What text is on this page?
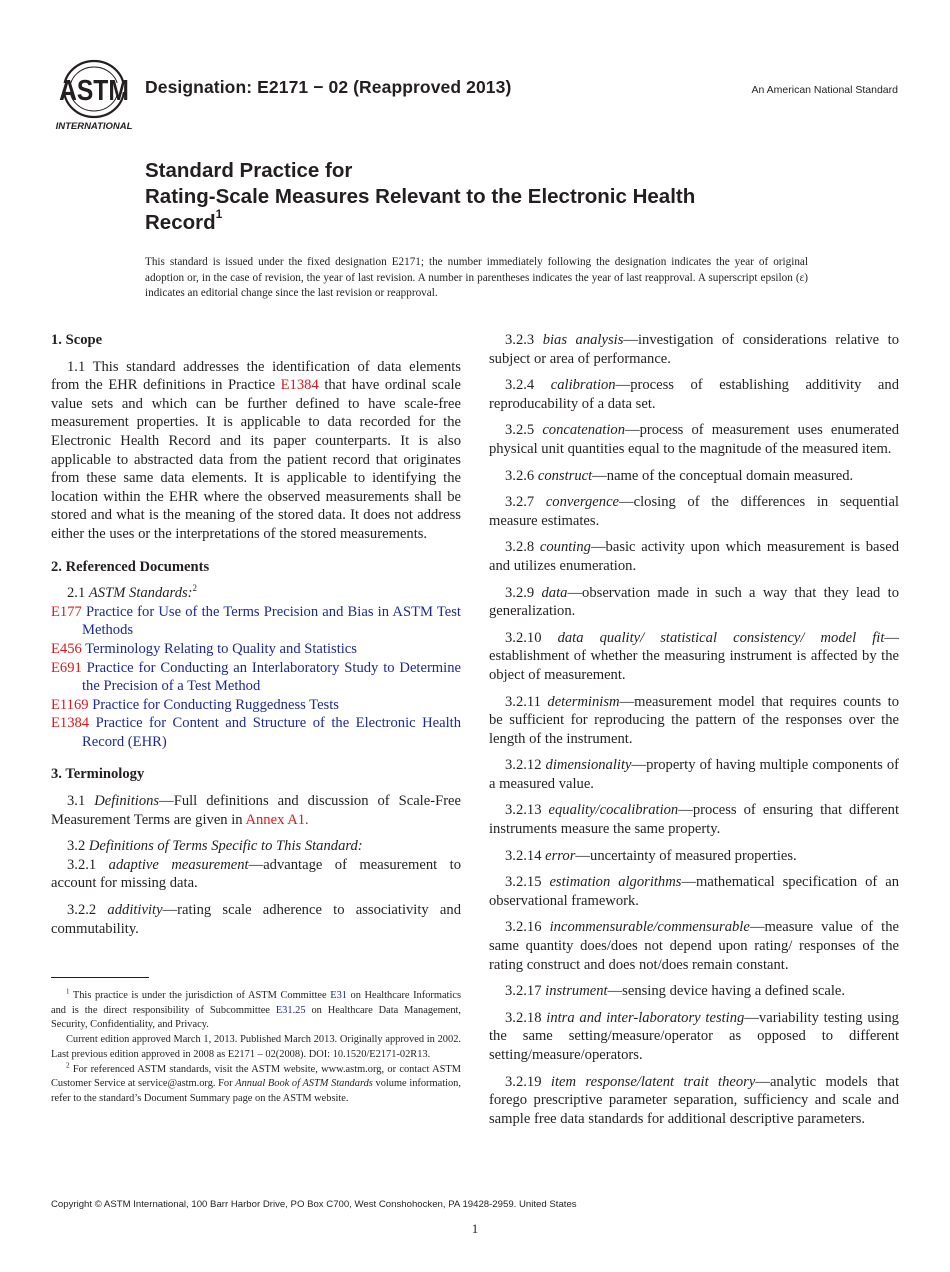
ASTM
INTERNATIONAL
Designation: E2171 − 02 (Reapproved 2013)	An American National Standard
Standard Practice for
Rating-Scale Measures Relevant to the Electronic Health
Record$^1$
This standard is issued under the fixed designation E2171; the number immediately following the designation indicates the year of original adoption or, in the case of revision, the year of last revision. A number in parentheses indicates the year of last reapproval. A superscript epsilon (ε) indicates an editorial change since the last revision or reapproval.
1. Scope
1.1 This standard addresses the identification of data elements from the EHR definitions in Practice E1384 that have ordinal scale value sets and which can be further defined to have scale-free measurement properties. It is applicable to data recorded for the Electronic Health Record and its paper counterparts. It is also applicable to abstracted data from the patient record that originates from these same data elements. It is applicable to identifying the location within the EHR where the observed measurements shall be stored and what is the meaning of the stored data. It does not address either the uses or the interpretations of the stored measurements.
2. Referenced Documents
2.1 ASTM Standards:$^2$
E177 Practice for Use of the Terms Precision and Bias in ASTM Test Methods
E456 Terminology Relating to Quality and Statistics
E691 Practice for Conducting an Interlaboratory Study to Determine the Precision of a Test Method
E1169 Practice for Conducting Ruggedness Tests
E1384 Practice for Content and Structure of the Electronic Health Record (EHR)
3. Terminology
3.1 Definitions—Full definitions and discussion of Scale-Free Measurement Terms are given in Annex A1.
3.2 Definitions of Terms Specific to This Standard:
3.2.1 adaptive measurement—advantage of measurement to account for missing data.
3.2.2 additivity—rating scale adherence to associativity and commutability.
$^1$ This practice is under the jurisdiction of ASTM Committee E31 on Healthcare Informatics and is the direct responsibility of Subcommittee E31.25 on Healthcare Data Management, Security, Confidentiality, and Privacy.
Current edition approved March 1, 2013. Published March 2013. Originally approved in 2002. Last previous edition approved in 2008 as E2171 – 02(2008). DOI: 10.1520/E2171-02R13.
$^2$ For referenced ASTM standards, visit the ASTM website, www.astm.org, or contact ASTM Customer Service at service@astm.org. For Annual Book of ASTM Standards volume information, refer to the standard’s Document Summary page on the ASTM website.
3.2.3 bias analysis—investigation of considerations relative to subject or area of performance.
3.2.4 calibration—process of establishing additivity and reproducability of a data set.
3.2.5 concatenation—process of measurement uses enumerated physical unit quantities equal to the magnitude of the measured item.
3.2.6 construct—name of the conceptual domain measured.
3.2.7 convergence—closing of the differences in sequential measure estimates.
3.2.8 counting—basic activity upon which measurement is based and utilizes enumeration.
3.2.9 data—observation made in such a way that they lead to generalization.
3.2.10 data quality/ statistical consistency/ model fit—establishment of whether the measuring instrument is affected by the object of measurement.
3.2.11 determinism—measurement model that requires counts to be sufficient for reproducing the pattern of the responses over the length of the instrument.
3.2.12 dimensionality—property of having multiple components of a measured value.
3.2.13 equality/cocalibration—process of ensuring that different instruments measure the same property.
3.2.14 error—uncertainty of measured properties.
3.2.15 estimation algorithms—mathematical specification of an observational framework.
3.2.16 incommensurable/commensurable—measure value of the same quantity does/does not depend upon rating/ responses of the rating construct and does not/does remain constant.
3.2.17 instrument—sensing device having a defined scale.
3.2.18 intra and inter-laboratory testing—variability testing using the same setting/measure/operator as opposed to different setting/measure/operators.
3.2.19 item response/latent trait theory—analytic models that forego prescriptive parameter separation, sufficiency and scale and sample free data standards for additional descriptive parameters.
Copyright © ASTM International, 100 Barr Harbor Drive, PO Box C700, West Conshohocken, PA 19428-2959. United States
1
